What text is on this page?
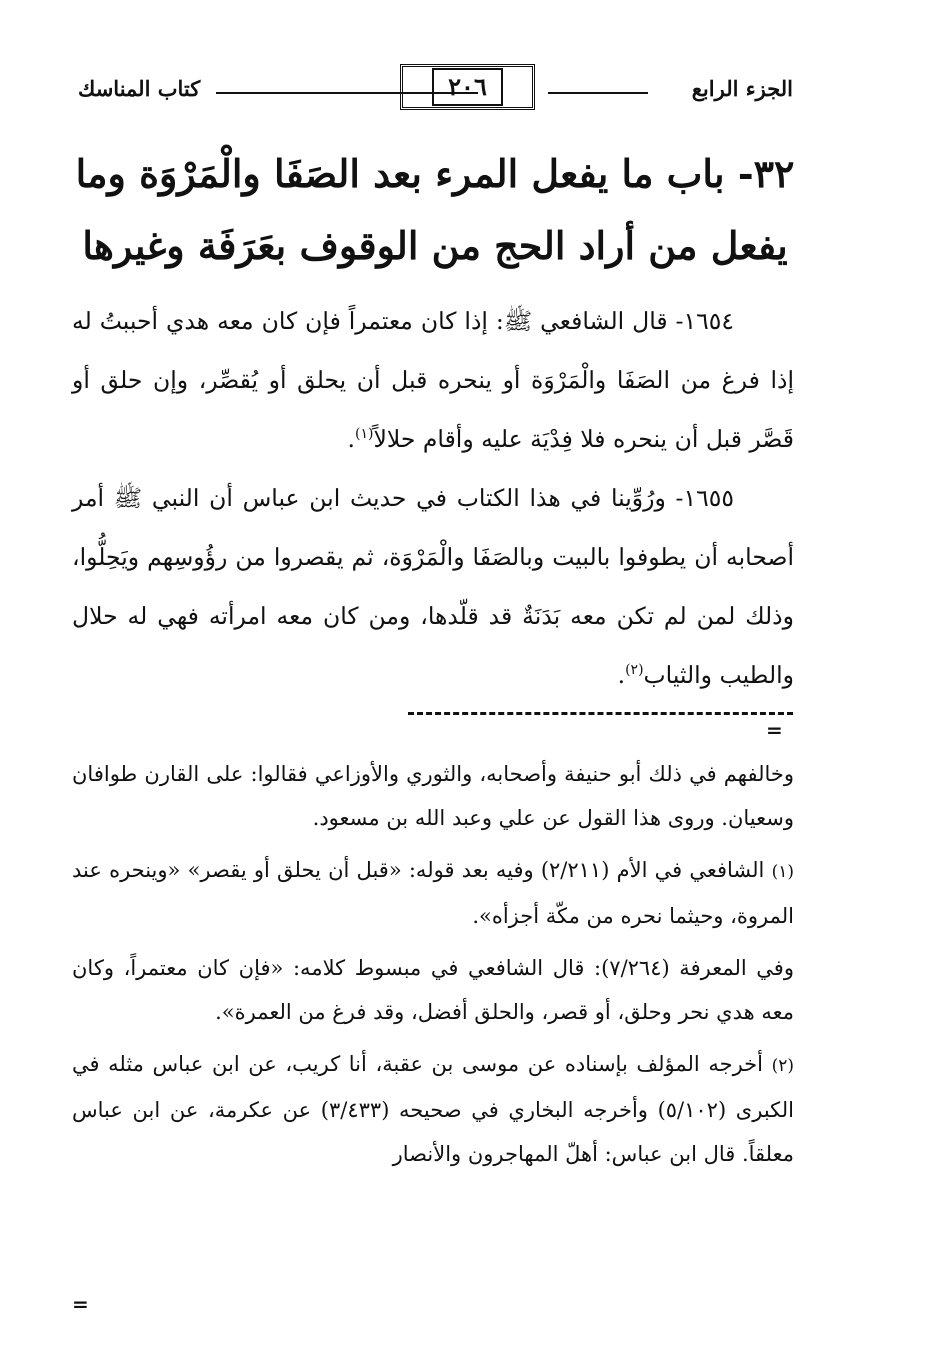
الجزء الرابع
٢٠٦
كتاب المناسك
٣٢- باب ما يفعل المرء بعد الصَفَا والْمَرْوَة وما يفعل من أراد الحج من الوقوف بعَرَفَة وغيرها

١٦٥٤- قال الشافعي ﷺ: إذا كان معتمراً فإن كان معه هدي أحببتُ له إذا فرغ من الصَفَا والْمَرْوَة أو ينحره قبل أن يحلق أو يُقصِّر، وإن حلق أو قَصَّر قبل أن ينحره فلا فِدْيَة عليه وأقام حلالاً$^{(١)}$.

١٦٥٥- ورُوِّينا في هذا الكتاب في حديث ابن عباس أن النبي ﷺ أمر أصحابه أن يطوفوا بالبيت وبالصَفَا والْمَرْوَة، ثم يقصروا من رؤُوسِهم ويَحِلُّوا، وذلك لمن لم تكن معه بَدَنَةٌ قد قلّدها، ومن كان معه امرأته فهي له حلال والطيب والثياب$^{(٢)}$.

=

وخالفهم في ذلك أبو حنيفة وأصحابه، والثوري والأوزاعي فقالوا: على القارن طوافان وسعيان. وروى هذا القول عن علي وعبد الله بن مسعود.

(١) الشافعي في الأم (٢/٢١١) وفيه بعد قوله: «قبل أن يحلق أو يقصر» «وينحره عند المروة، وحيثما نحره من مكّة أجزأه».

وفي المعرفة (٧/٢٦٤): قال الشافعي في مبسوط كلامه: «فإن كان معتمراً، وكان معه هدي نحر وحلق، أو قصر، والحلق أفضل، وقد فرغ من العمرة».

(٢) أخرجه المؤلف بإسناده عن موسى بن عقبة، أنا كريب، عن ابن عباس مثله في الكبرى (٥/١٠٢) وأخرجه البخاري في صحيحه (٣/٤٣٣) عن عكرمة، عن ابن عباس معلقاً. قال ابن عباس: أهلّ المهاجرون والأنصار

=
